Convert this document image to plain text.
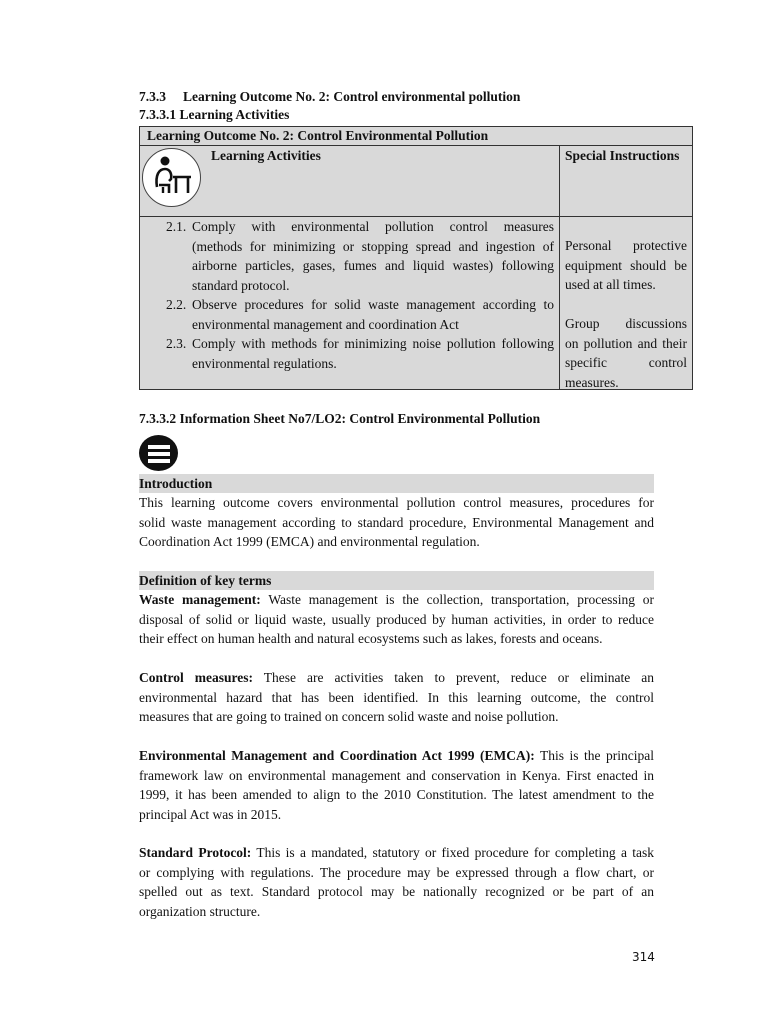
7.3.3 Learning Outcome No. 2: Control environmental pollution
7.3.3.1 Learning Activities
Learning Outcome No. 2: Control Environmental Pollution
Learning Activities	Special Instructions
2.1. Comply with environmental pollution control measures
(methods for minimizing or stopping spread and ingestion of
airborne particles, gases, fumes and liquid wastes) following
standard protocol.
2.2. Observe procedures for solid waste management according to
environmental management and coordination Act
2.3. Comply with methods for minimizing noise pollution following
environmental regulations.
Personal protective
equipment should be
used at all times.
Group discussions
on pollution and their
specific control
measures.
7.3.3.2 Information Sheet No7/LO2: Control Environmental Pollution
Introduction
This learning outcome covers environmental pollution control measures, procedures for
solid waste management according to standard procedure, Environmental Management and
Coordination Act 1999 (EMCA) and environmental regulation.
Definition of key terms
Waste management: Waste management is the collection, transportation, processing or
disposal of solid or liquid waste, usually produced by human activities, in order to reduce
their effect on human health and natural ecosystems such as lakes, forests and oceans.
Control measures: These are activities taken to prevent, reduce or eliminate an
environmental hazard that has been identified. In this learning outcome, the control
measures that are going to trained on concern solid waste and noise pollution.
Environmental Management and Coordination Act 1999 (EMCA): This is the principal
framework law on environmental management and conservation in Kenya. First enacted in
1999, it has been amended to align to the 2010 Constitution. The latest amendment to the
principal Act was in 2015.
Standard Protocol: This is a mandated, statutory or fixed procedure for completing a task
or complying with regulations. The procedure may be expressed through a flow chart, or
spelled out as text. Standard protocol may be nationally recognized or be part of an
organization structure.
314
